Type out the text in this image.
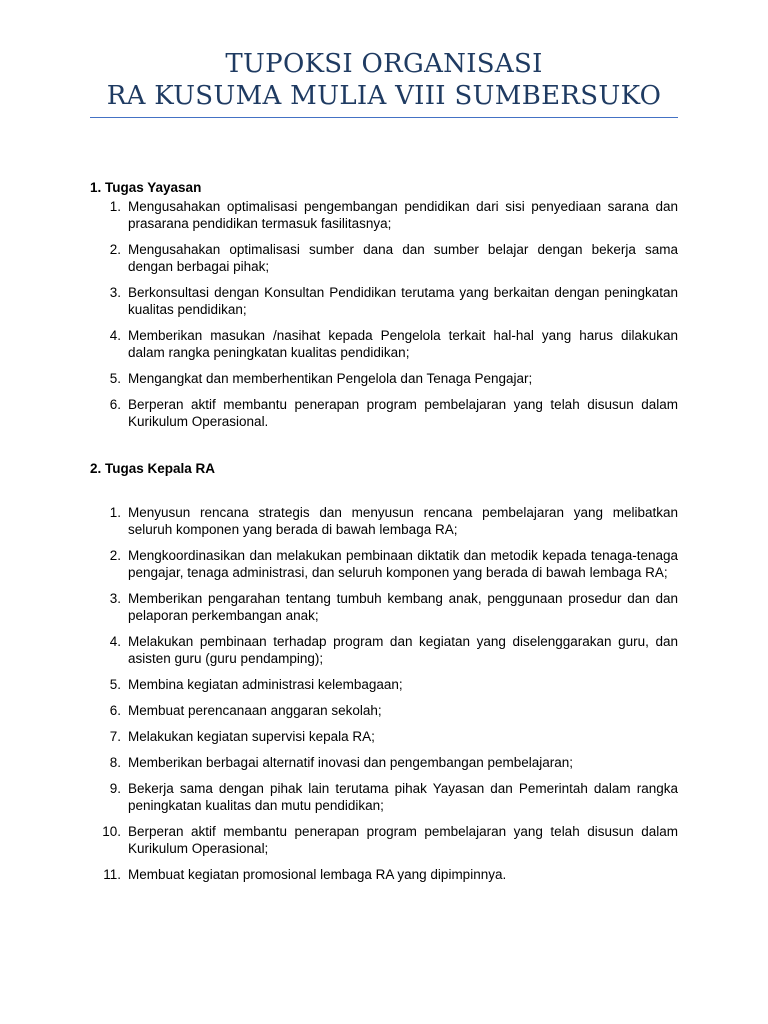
TUPOKSI ORGANISASI
RA KUSUMA MULIA VIII SUMBERSUKO
1. Tugas Yayasan
1. Mengusahakan optimalisasi pengembangan pendidikan dari sisi penyediaan sarana dan prasarana pendidikan termasuk fasilitasnya;
2. Mengusahakan optimalisasi sumber dana dan sumber belajar dengan bekerja sama dengan berbagai pihak;
3. Berkonsultasi dengan Konsultan Pendidikan terutama yang berkaitan dengan peningkatan kualitas pendidikan;
4. Memberikan masukan /nasihat kepada Pengelola terkait hal-hal yang harus dilakukan dalam rangka peningkatan kualitas pendidikan;
5. Mengangkat dan memberhentikan Pengelola dan Tenaga Pengajar;
6. Berperan aktif membantu penerapan program pembelajaran yang telah disusun dalam Kurikulum Operasional.
2. Tugas Kepala RA
1. Menyusun rencana strategis dan menyusun rencana pembelajaran yang melibatkan seluruh komponen yang berada di bawah lembaga RA;
2. Mengkoordinasikan dan melakukan pembinaan diktatik dan metodik kepada tenaga-tenaga pengajar, tenaga administrasi, dan seluruh komponen yang berada di bawah lembaga RA;
3. Memberikan pengarahan tentang tumbuh kembang anak, penggunaan prosedur dan dan pelaporan perkembangan anak;
4. Melakukan pembinaan terhadap program dan kegiatan yang diselenggarakan guru, dan asisten guru (guru pendamping);
5. Membina kegiatan administrasi kelembagaan;
6. Membuat perencanaan anggaran sekolah;
7. Melakukan kegiatan supervisi kepala RA;
8. Memberikan berbagai alternatif inovasi dan pengembangan pembelajaran;
9. Bekerja sama dengan pihak lain terutama pihak Yayasan dan Pemerintah dalam rangka peningkatan kualitas dan mutu pendidikan;
10. Berperan aktif membantu penerapan program pembelajaran yang telah disusun dalam Kurikulum Operasional;
11. Membuat kegiatan promosional lembaga RA yang dipimpinnya.
